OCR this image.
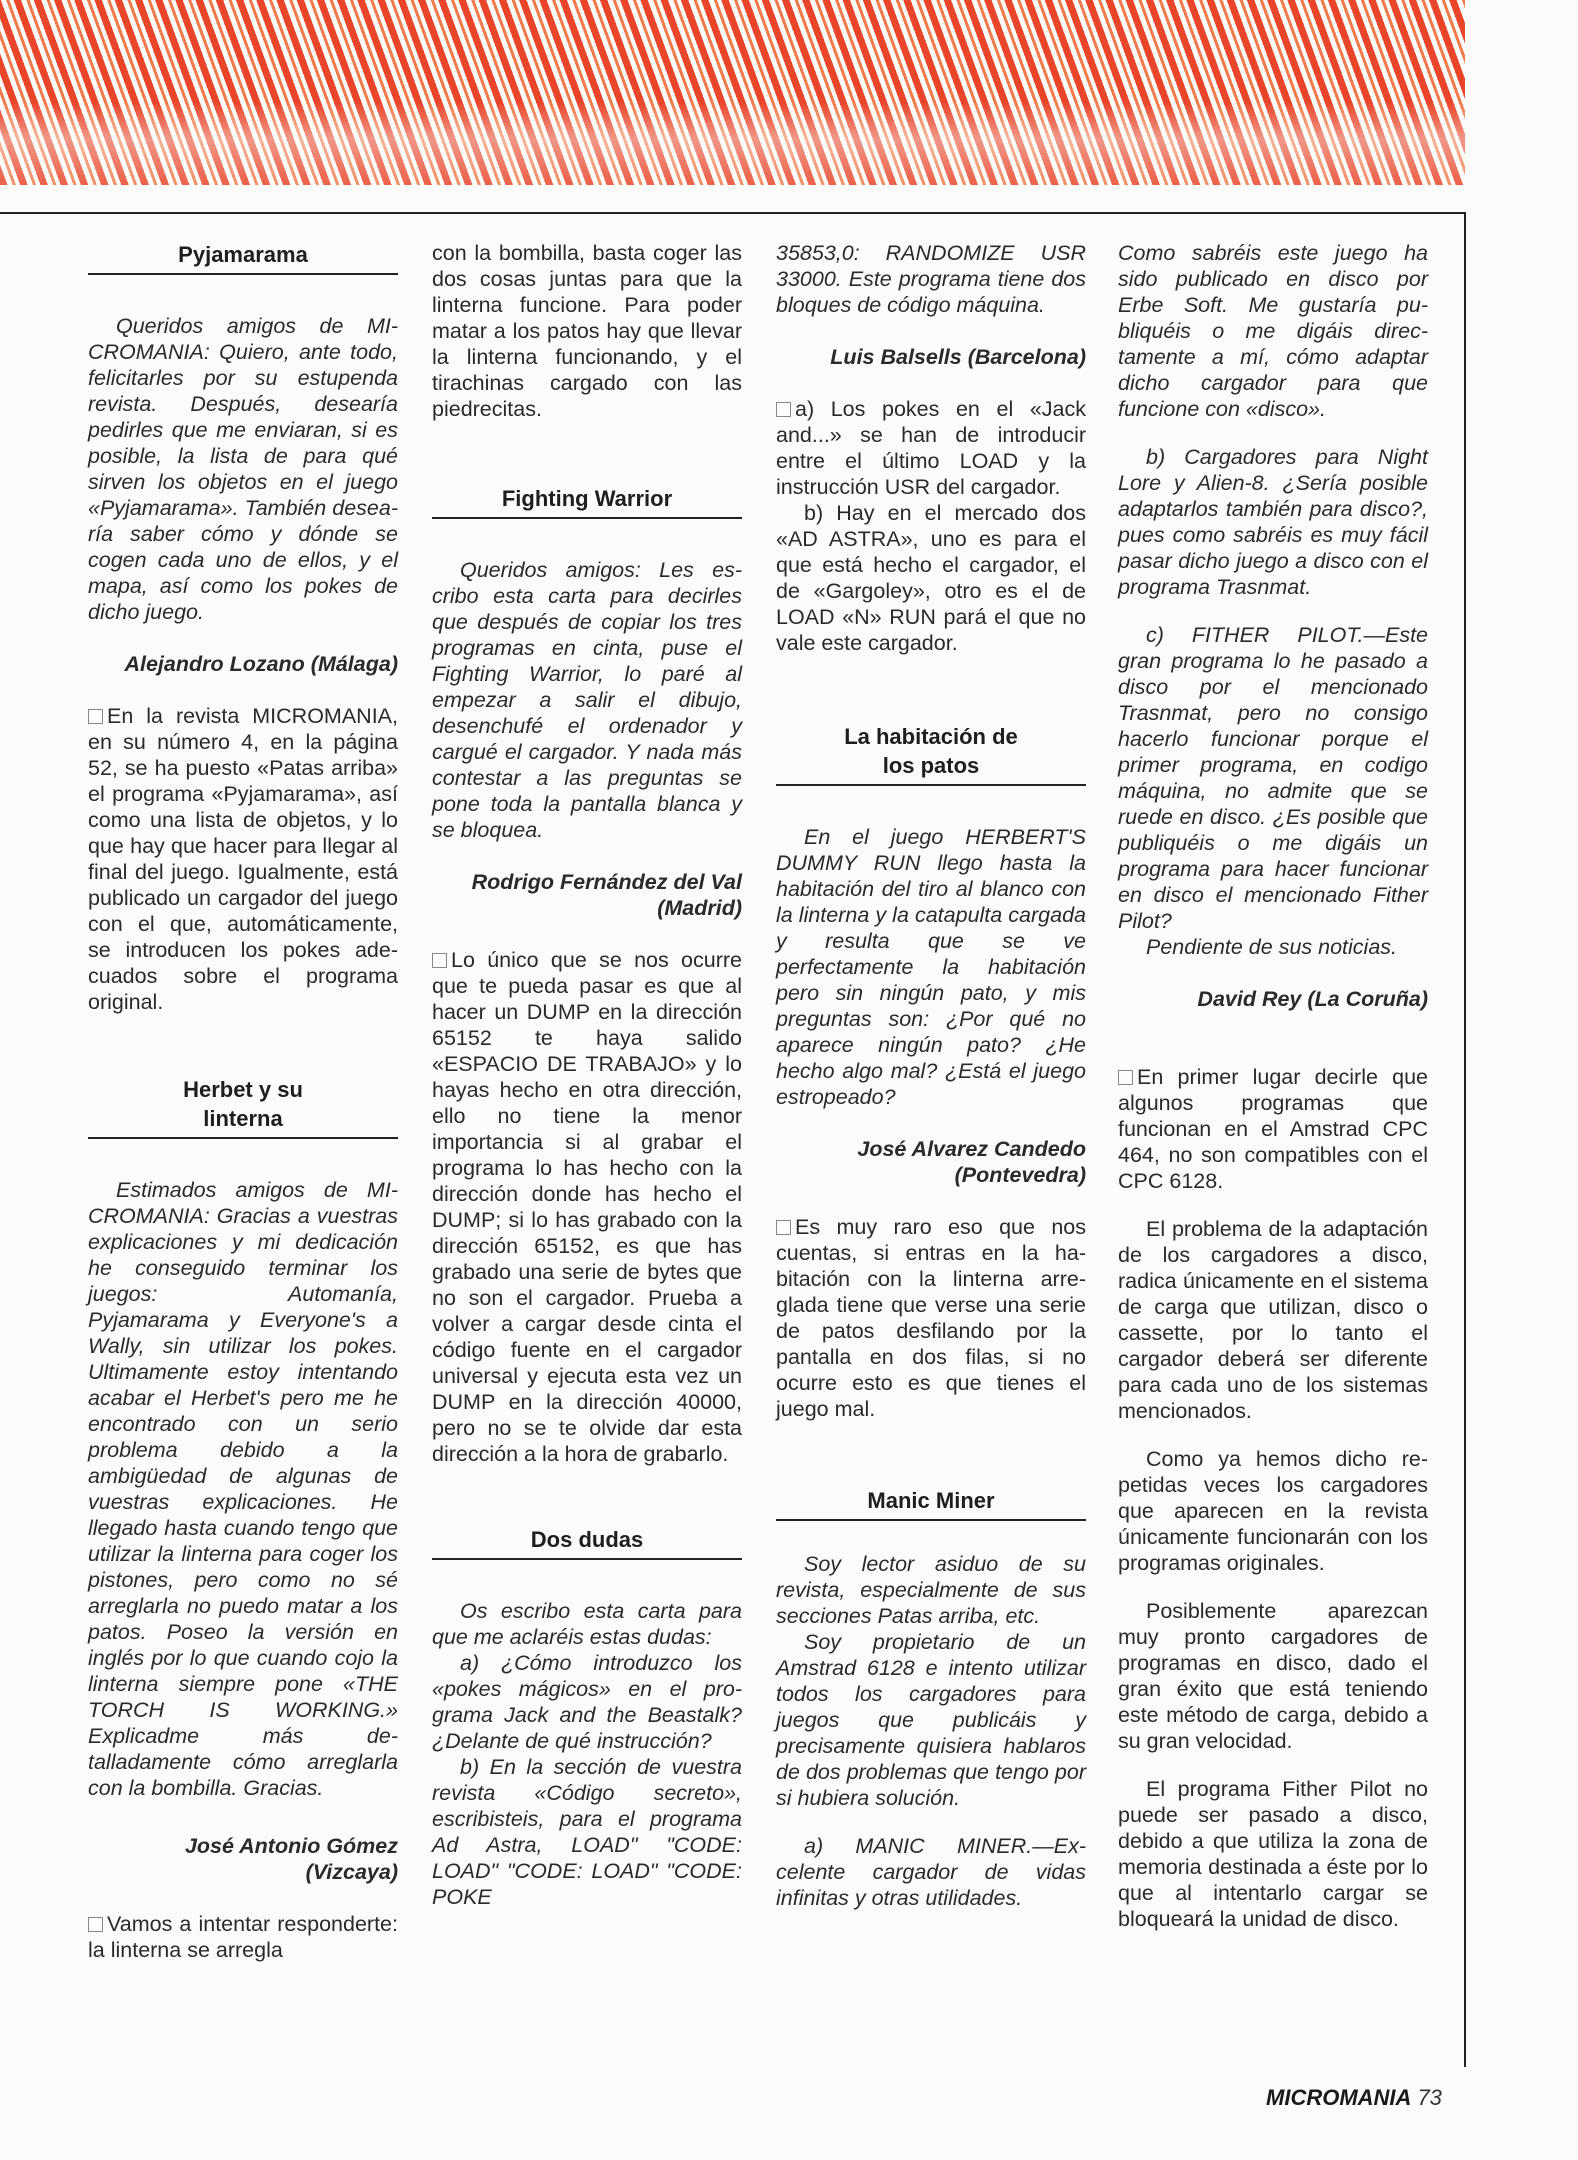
Pyjamarama

Queridos amigos de MICROMANIA: Quiero, ante todo, felicitarles por su estupenda revista. Después, desearía pedirles que me enviaran, si es posible, la lista de para qué sirven los objetos en el juego «Pyjamarama». También desearía saber cómo y dónde se cogen cada uno de ellos, y el mapa, así como los pokes de dicho juego.

Alejandro Lozano (Málaga)

En la revista MICROMANIA, en su número 4, en la página 52, se ha puesto «Patas arriba» el programa «Pyjamarama», así como una lista de objetos, y lo que hay que hacer para llegar al final del juego. Igualmente, está publicado un cargador del juego con el que, automáticamente, se introducen los pokes adecuados sobre el programa original.

Herbet y su linterna

Estimados amigos de MICROMANIA: Gracias a vuestras explicaciones y mi dedicación he conseguido terminar los juegos: Automanía, Pyjamarama y Everyone's a Wally, sin utilizar los pokes. Ultimamente estoy intentando acabar el Herbet's pero me he encontrado con un serio problema debido a la ambigüedad de algunas de vuestras explicaciones. He llegado hasta cuando tengo que utilizar la linterna para coger los pistones, pero como no sé arreglarla no puedo matar a los patos. Poseo la versión en inglés por lo que cuando cojo la linterna siempre pone «THE TORCH IS WORKING.» Explicadme más detalladamente cómo arreglarla con la bombilla. Gracias.

José Antonio Gómez
(Vizcaya)

Vamos a intentar responderte: la linterna se arregla

con la bombilla, basta coger las dos cosas juntas para que la linterna funcione. Para poder matar a los patos hay que llevar la linterna funcionando, y el tirachinas cargado con las piedrecitas.

Fighting Warrior

Queridos amigos: Les escribo esta carta para decirles que después de copiar los tres programas en cinta, puse el Fighting Warrior, lo paré al empezar a salir el dibujo, desenchufé el ordenador y cargué el cargador. Y nada más contestar a las preguntas se pone toda la pantalla blanca y se bloquea.

Rodrigo Fernández del Val
(Madrid)

Lo único que se nos ocurre que te pueda pasar es que al hacer un DUMP en la dirección 65152 te haya salido «ESPACIO DE TRABAJO» y lo hayas hecho en otra dirección, ello no tiene la menor importancia si al grabar el programa lo has hecho con la dirección donde has hecho el DUMP; si lo has grabado con la dirección 65152, es que has grabado una serie de bytes que no son el cargador. Prueba a volver a cargar desde cinta el código fuente en el cargador universal y ejecuta esta vez un DUMP en la dirección 40000, pero no se te olvide dar esta dirección a la hora de grabarlo.

Dos dudas

Os escribo esta carta para que me aclaréis estas dudas:

a) ¿Cómo introduzco los «pokes mágicos» en el programa Jack and the Beastalk? ¿Delante de qué instrucción?

b) En la sección de vuestra revista «Código secreto», escribisteis, para el programa Ad Astra, LOAD" "CODE: LOAD" "CODE: LOAD" "CODE: POKE

35853,0: RANDOMIZE USR 33000. Este programa tiene dos bloques de código máquina.

Luis Balsells (Barcelona)

a) Los pokes en el «Jack and...» se han de introducir entre el último LOAD y la instrucción USR del cargador.

b) Hay en el mercado dos «AD ASTRA», uno es para el que está hecho el cargador, el de «Gargoley», otro es el de LOAD «N» RUN pará el que no vale este cargador.

La habitación de los patos

En el juego HERBERT'S DUMMY RUN llego hasta la habitación del tiro al blanco con la linterna y la catapulta cargada y resulta que se ve perfectamente la habitación pero sin ningún pato, y mis preguntas son: ¿Por qué no aparece ningún pato? ¿He hecho algo mal? ¿Está el juego estropeado?

José Alvarez Candedo
(Pontevedra)

Es muy raro eso que nos cuentas, si entras en la habitación con la linterna arreglada tiene que verse una serie de patos desfilando por la pantalla en dos filas, si no ocurre esto es que tienes el juego mal.

Manic Miner

Soy lector asiduo de su revista, especialmente de sus secciones Patas arriba, etc.

Soy propietario de un Amstrad 6128 e intento utilizar todos los cargadores para juegos que publicáis y precisamente quisiera hablaros de dos problemas que tengo por si hubiera solución.

a) MANIC MINER.—Excelente cargador de vidas infinitas y otras utilidades.

Como sabréis este juego ha sido publicado en disco por Erbe Soft. Me gustaría publiquéis o me digáis directamente a mí, cómo adaptar dicho cargador para que funcione con «disco».

b) Cargadores para Night Lore y Alien-8. ¿Sería posible adaptarlos también para disco?, pues como sabréis es muy fácil pasar dicho juego a disco con el programa Trasnmat.

c) FITHER PILOT.—Este gran programa lo he pasado a disco por el mencionado Trasnmat, pero no consigo hacerlo funcionar porque el primer programa, en codigo máquina, no admite que se ruede en disco. ¿Es posible que publiquéis o me digáis un programa para hacer funcionar en disco el mencionado Fither Pilot?

Pendiente de sus noticias.

David Rey (La Coruña)

En primer lugar decirle que algunos programas que funcionan en el Amstrad CPC 464, no son compatibles con el CPC 6128.

El problema de la adaptación de los cargadores a disco, radica únicamente en el sistema de carga que utilizan, disco o cassette, por lo tanto el cargador deberá ser diferente para cada uno de los sistemas mencionados.

Como ya hemos dicho repetidas veces los cargadores que aparecen en la revista únicamente funcionarán con los programas originales.

Posiblemente aparezcan muy pronto cargadores de programas en disco, dado el gran éxito que está teniendo este método de carga, debido a su gran velocidad.

El programa Fither Pilot no puede ser pasado a disco, debido a que utiliza la zona de memoria destinada a éste por lo que al intentarlo cargar se bloqueará la unidad de disco.

MICROMANIA 73
